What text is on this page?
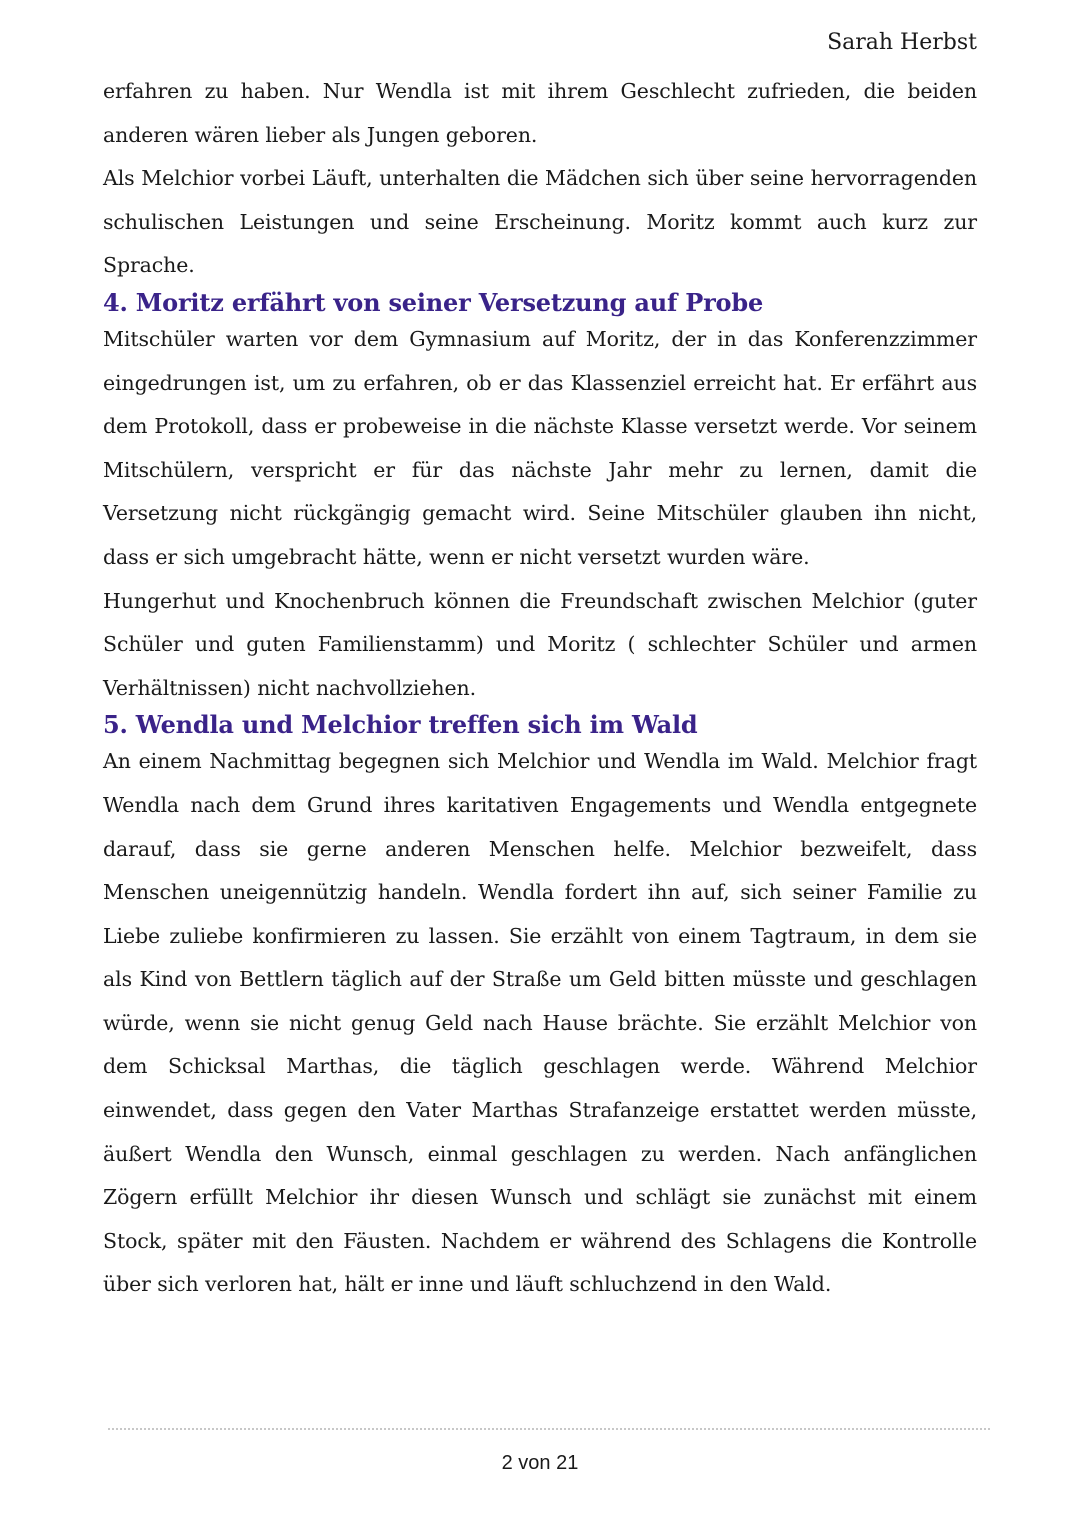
Sarah Herbst

erfahren zu haben. Nur Wendla ist mit ihrem Geschlecht zufrieden, die beiden anderen wären lieber als Jungen geboren.

Als Melchior vorbei Läuft, unterhalten die Mädchen sich über seine hervorragenden schulischen Leistungen und seine Erscheinung. Moritz kommt auch kurz zur Sprache.

4. Moritz erfährt von seiner Versetzung auf Probe

Mitschüler warten vor dem Gymnasium auf Moritz, der in das Konferenzzimmer eingedrungen ist, um zu erfahren, ob er das Klassenziel erreicht hat. Er erfährt aus dem Protokoll, dass er probeweise in die nächste Klasse versetzt werde. Vor seinem Mitschülern, verspricht er für das nächste Jahr mehr zu lernen, damit die Versetzung nicht rückgängig gemacht wird. Seine Mitschüler glauben ihn nicht, dass er sich umgebracht hätte, wenn er nicht versetzt wurden wäre.

Hungerhut und Knochenbruch können die Freundschaft zwischen Melchior (guter Schüler und guten Familienstamm) und Moritz ( schlechter Schüler und armen Verhältnissen) nicht nachvollziehen.

5. Wendla und Melchior treffen sich im Wald

An einem Nachmittag begegnen sich Melchior und Wendla im Wald. Melchior fragt Wendla nach dem Grund ihres karitativen Engagements und Wendla entgegnete darauf, dass sie gerne anderen Menschen helfe. Melchior bezweifelt, dass Menschen uneigennützig handeln. Wendla fordert ihn auf, sich seiner Familie zu Liebe zuliebe konfirmieren zu lassen. Sie erzählt von einem Tagtraum, in dem sie als Kind von Bettlern täglich auf der Straße um Geld bitten müsste und geschlagen würde, wenn sie nicht genug Geld nach Hause brächte. Sie erzählt Melchior von dem Schicksal Marthas, die täglich geschlagen werde. Während Melchior einwendet, dass gegen den Vater Marthas Strafanzeige erstattet werden müsste, äußert Wendla den Wunsch, einmal geschlagen zu werden. Nach anfänglichen Zögern erfüllt Melchior ihr diesen Wunsch und schlägt sie zunächst mit einem Stock, später mit den Fäusten. Nachdem er während des Schlagens die Kontrolle über sich verloren hat, hält er inne und läuft schluchzend in den Wald.

2 von 21
